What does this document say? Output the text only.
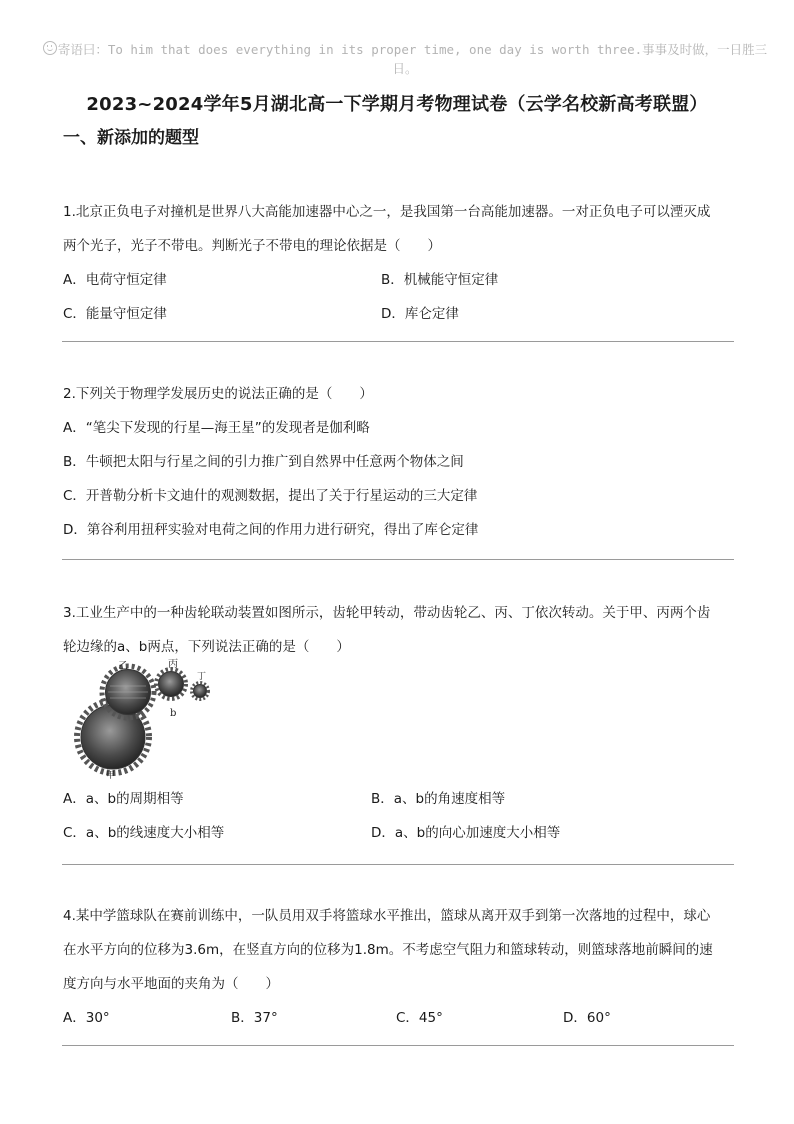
寄语曰：To him that does everything in its proper time, one day is worth three.事事及时做，一日胜三日。
2023~2024学年5月湖北高一下学期月考物理试卷（云学名校新高考联盟）
一、新添加的题型
1.北京正负电子对撞机是世界八大高能加速器中心之一，是我国第一台高能加速器。一对正负电子可以湮灭成
两个光子，光子不带电。判断光子不带电的理论依据是（　　）
A．电荷守恒定律	B．机械能守恒定律
C．能量守恒定律	D．库仑定律
2.下列关于物理学发展历史的说法正确的是（　　）
A．“笔尖下发现的行星—海王星”的发现者是伽利略
B．牛顿把太阳与行星之间的引力推广到自然界中任意两个物体之间
C．开普勒分析卡文迪什的观测数据，提出了关于行星运动的三大定律
D．第谷利用扭秤实验对电荷之间的作用力进行研究，得出了库仑定律
3.工业生产中的一种齿轮联动装置如图所示，齿轮甲转动，带动齿轮乙、丙、丁依次转动。关于甲、丙两个齿
轮边缘的a、b两点，下列说法正确的是（　　）
乙	丙
丁
b
甲
A．a、b的周期相等	B．a、b的角速度相等
C．a、b的线速度大小相等	D．a、b的向心加速度大小相等
4.某中学篮球队在赛前训练中，一队员用双手将篮球水平推出，篮球从离开双手到第一次落地的过程中，球心
在水平方向的位移为3.6m，在竖直方向的位移为1.8m。不考虑空气阻力和篮球转动，则篮球落地前瞬间的速
度方向与水平地面的夹角为（　　）
A．30°	B．37°	C．45°	D．60°
